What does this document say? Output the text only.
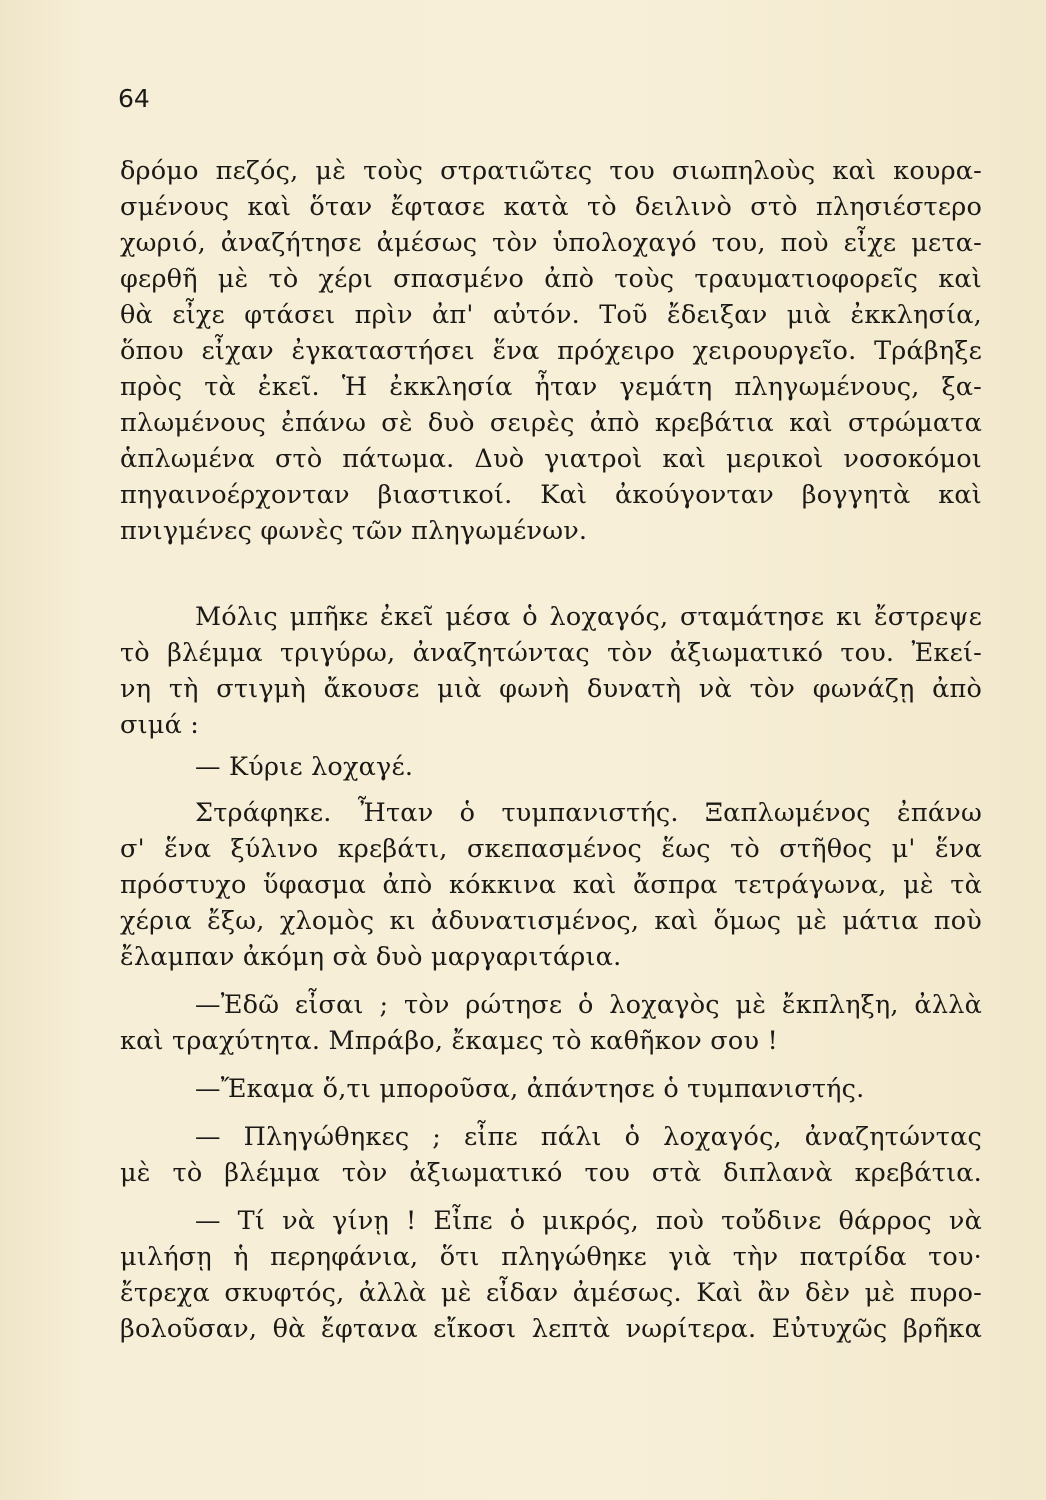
64
δρόμο πεζός, μὲ τοὺς στρατιῶτες του σιωπηλοὺς καὶ κουρα-
σμένους καὶ ὅταν ἔφτασε κατὰ τὸ δειλινὸ στὸ πλησιέστερο
χωριό, ἀναζήτησε ἀμέσως τὸν ὑπολοχαγό του, ποὺ εἶχε μετα-
φερθῆ μὲ τὸ χέρι σπασμένο ἀπὸ τοὺς τραυματιοφορεῖς καὶ
θὰ εἶχε φτάσει πρὶν ἀπ' αὐτόν. Τοῦ ἔδειξαν μιὰ ἐκκλησία,
ὅπου εἶχαν ἐγκαταστήσει ἕνα πρόχειρο χειρουργεῖο. Τράβηξε
πρὸς τὰ ἐκεῖ. Ἡ ἐκκλησία ἦταν γεμάτη πληγωμένους, ξα-
πλωμένους ἐπάνω σὲ δυὸ σειρὲς ἀπὸ κρεβάτια καὶ στρώματα
ἁπλωμένα στὸ πάτωμα. Δυὸ γιατροὶ καὶ μερικοὶ νοσοκόμοι
πηγαινοέρχονταν βιαστικοί. Καὶ ἀκούγονταν βογγητὰ καὶ
πνιγμένες φωνὲς τῶν πληγωμένων.
Μόλις μπῆκε ἐκεῖ μέσα ὁ λοχαγός, σταμάτησε κι ἔστρεψε
τὸ βλέμμα τριγύρω, ἀναζητώντας τὸν ἀξιωματικό του. Ἐκεί-
νη τὴ στιγμὴ ἄκουσε μιὰ φωνὴ δυνατὴ νὰ τὸν φωνάζῃ ἀπὸ
σιμά :
— Κύριε λοχαγέ.
Στράφηκε. Ἦταν ὁ τυμπανιστής. Ξαπλωμένος ἐπάνω
σ' ἕνα ξύλινο κρεβάτι, σκεπασμένος ἕως τὸ στῆθος μ' ἕνα
πρόστυχο ὕφασμα ἀπὸ κόκκινα καὶ ἄσπρα τετράγωνα, μὲ τὰ
χέρια ἔξω, χλομὸς κι ἀδυνατισμένος, καὶ ὅμως μὲ μάτια ποὺ
ἔλαμπαν ἀκόμη σὰ δυὸ μαργαριτάρια.
—Ἐδῶ εἶσαι ; τὸν ρώτησε ὁ λοχαγὸς μὲ ἔκπληξη, ἀλλὰ
καὶ τραχύτητα. Μπράβο, ἔκαμες τὸ καθῆκον σου !
—Ἔκαμα ὅ,τι μποροῦσα, ἀπάντησε ὁ τυμπανιστής.
— Πληγώθηκες ; εἶπε πάλι ὁ λοχαγός, ἀναζητώντας
μὲ τὸ βλέμμα τὸν ἀξιωματικό του στὰ διπλανὰ κρεβάτια.
— Τί νὰ γίνῃ ! Εἶπε ὁ μικρός, ποὺ τοὔδινε θάρρος νὰ
μιλήσῃ ἡ περηφάνια, ὅτι πληγώθηκε γιὰ τὴν πατρίδα του·
ἔτρεχα σκυφτός, ἀλλὰ μὲ εἶδαν ἀμέσως. Καὶ ἂν δὲν μὲ πυρο-
βολοῦσαν, θὰ ἔφτανα εἴκοσι λεπτὰ νωρίτερα. Εὐτυχῶς βρῆκα
